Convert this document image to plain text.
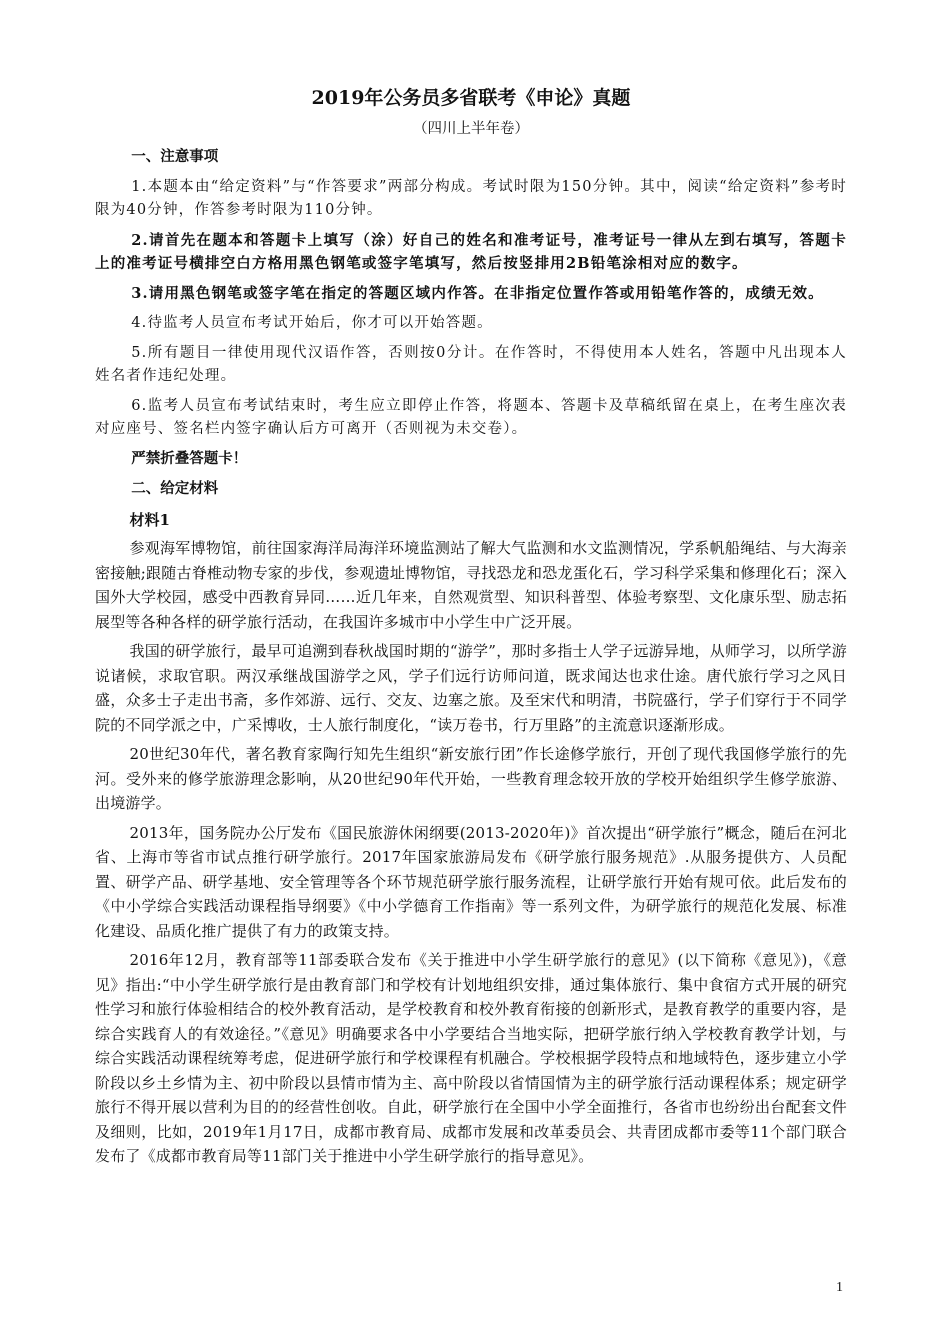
2019年公务员多省联考《申论》真题
（四川上半年卷）
一、注意事项

1.本题本由“给定资料”与“作答要求”两部分构成。考试时限为150分钟。其中，阅读“给定资料”参考时限为40分钟，作答参考时限为110分钟。

2.请首先在题本和答题卡上填写（涂）好自己的姓名和准考证号，准考证号一律从左到右填写，答题卡上的准考证号横排空白方格用黑色钢笔或签字笔填写，然后按竖排用2B铅笔涂相对应的数字。

3.请用黑色钢笔或签字笔在指定的答题区域内作答。在非指定位置作答或用铅笔作答的，成绩无效。

4.待监考人员宣布考试开始后，你才可以开始答题。

5.所有题目一律使用现代汉语作答，否则按0分计。在作答时，不得使用本人姓名，答题中凡出现本人姓名者作违纪处理。

6.监考人员宣布考试结束时，考生应立即停止作答，将题本、答题卡及草稿纸留在桌上，在考生座次表对应座号、签名栏内签字确认后方可离开（否则视为未交卷）。

严禁折叠答题卡！
二、给定材料
材料1

参观海军博物馆，前往国家海洋局海洋环境监测站了解大气监测和水文监测情况，学系帆船绳结、与大海亲密接触;跟随古脊椎动物专家的步伐，参观遗址博物馆，寻找恐龙和恐龙蛋化石，学习科学采集和修理化石；深入国外大学校园，感受中西教育异同……近几年来，自然观赏型、知识科普型、体验考察型、文化康乐型、励志拓展型等各种各样的研学旅行活动，在我国许多城市中小学生中广泛开展。

我国的研学旅行，最早可追溯到春秋战国时期的“游学”，那时多指士人学子远游异地，从师学习，以所学游说诸候，求取官职。两汉承继战国游学之风，学子们远行访师问道，既求闻达也求仕途。唐代旅行学习之风日盛，众多士子走出书斋，多作郊游、远行、交友、边塞之旅。及至宋代和明清，书院盛行，学子们穿行于不同学院的不同学派之中，广采博收，士人旅行制度化，“读万卷书，行万里路”的主流意识逐渐形成。

20世纪30年代，著名教育家陶行知先生组织“新安旅行团”作长途修学旅行，开创了现代我国修学旅行的先河。受外来的修学旅游理念影响，从20世纪90年代开始，一些教育理念较开放的学校开始组织学生修学旅游、出境游学。

2013年，国务院办公厅发布《国民旅游休闲纲要(2013-2020年)》首次提出“研学旅行”概念，随后在河北省、上海市等省市试点推行研学旅行。2017年国家旅游局发布《研学旅行服务规范》.从服务提供方、人员配置、研学产品、研学基地、安全管理等各个环节规范研学旅行服务流程，让研学旅行开始有规可依。此后发布的《中小学综合实践活动课程指导纲要》《中小学德育工作指南》等一系列文件，为研学旅行的规范化发展、标准化建设、品质化推广提供了有力的政策支持。

2016年12月，教育部等11部委联合发布《关于推进中小学生研学旅行的意见》(以下简称《意见》)，《意见》指出:“中小学生研学旅行是由教育部门和学校有计划地组织安排，通过集体旅行、集中食宿方式开展的研究性学习和旅行体验相结合的校外教育活动，是学校教育和校外教育衔接的创新形式，是教育教学的重要内容，是综合实践育人的有效途径。”《意见》明确要求各中小学要结合当地实际，把研学旅行纳入学校教育教学计划，与综合实践活动课程统筹考虑，促进研学旅行和学校课程有机融合。学校根据学段特点和地域特色，逐步建立小学阶段以乡土乡情为主、初中阶段以县情市情为主、高中阶段以省情国情为主的研学旅行活动课程体系；规定研学旅行不得开展以营利为目的的经营性创收。自此，研学旅行在全国中小学全面推行，各省市也纷纷出台配套文件及细则，比如，2019年1月17日，成都市教育局、成都市发展和改革委员会、共青团成都市委等11个部门联合发布了《成都市教育局等11部门关于推进中小学生研学旅行的指导意见》。

1
